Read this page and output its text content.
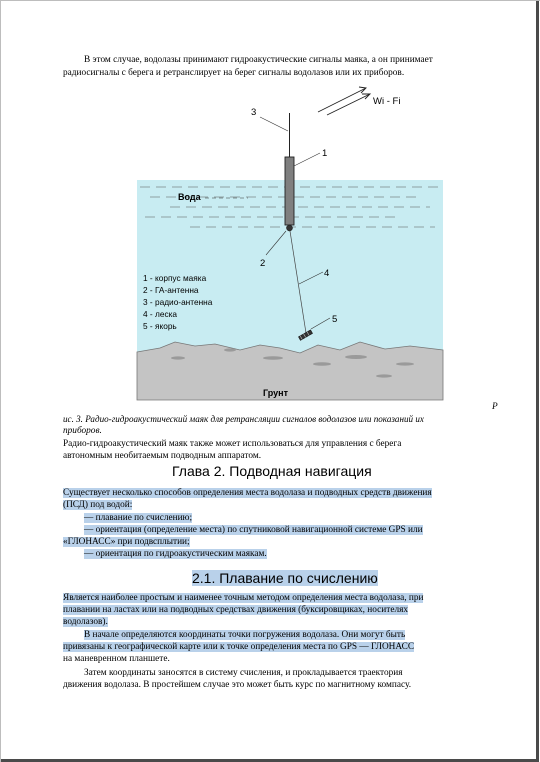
В этом случае, водолазы принимают гидроакустические сигналы маяка, а он принимает
радиосигналы с берега и ретранслирует на берег сигналы водолазов или их приборов.
Wi - Fi
3
1
2
4
5
Вода
Грунт
1 - корпус маяка
2 - ГА-антенна
3 - радио-антенна
4 - леска
5 - якорь
Р
ис. 3. Радио-гидроакустический маяк для ретрансляции сигналов водолазов или показаний их
приборов.
Радио-гидроакустический маяк также может использоваться для управления с берега
автономным необитаемым подводным аппаратом.
Глава 2. Подводная навигация
Существует несколько способов определения места водолаза и подводных средств движения
(ПСД) под водой:
— плавание по счислению;
— ориентация (определение места) по спутниковой навигационной системе GPS или
«ГЛОНАСС» при подвсплытии;
— ориентация по гидроакустическим маякам.
2.1. Плавание по счислению
Является наиболее простым и наименее точным методом определения места водолаза, при
плавании на ластах или на подводных средствах движения (буксировщиках, носителях
водолазов).
В начале определяются координаты точки погружения водолаза. Они могут быть
привязаны к географической карте или к точке определения места по GPS — ГЛОНАСС
на маневренном планшете.
Затем координаты заносятся в систему счисления, и прокладывается траектория
движения водолаза. В простейшем случае это может быть курс по магнитному компасу.
